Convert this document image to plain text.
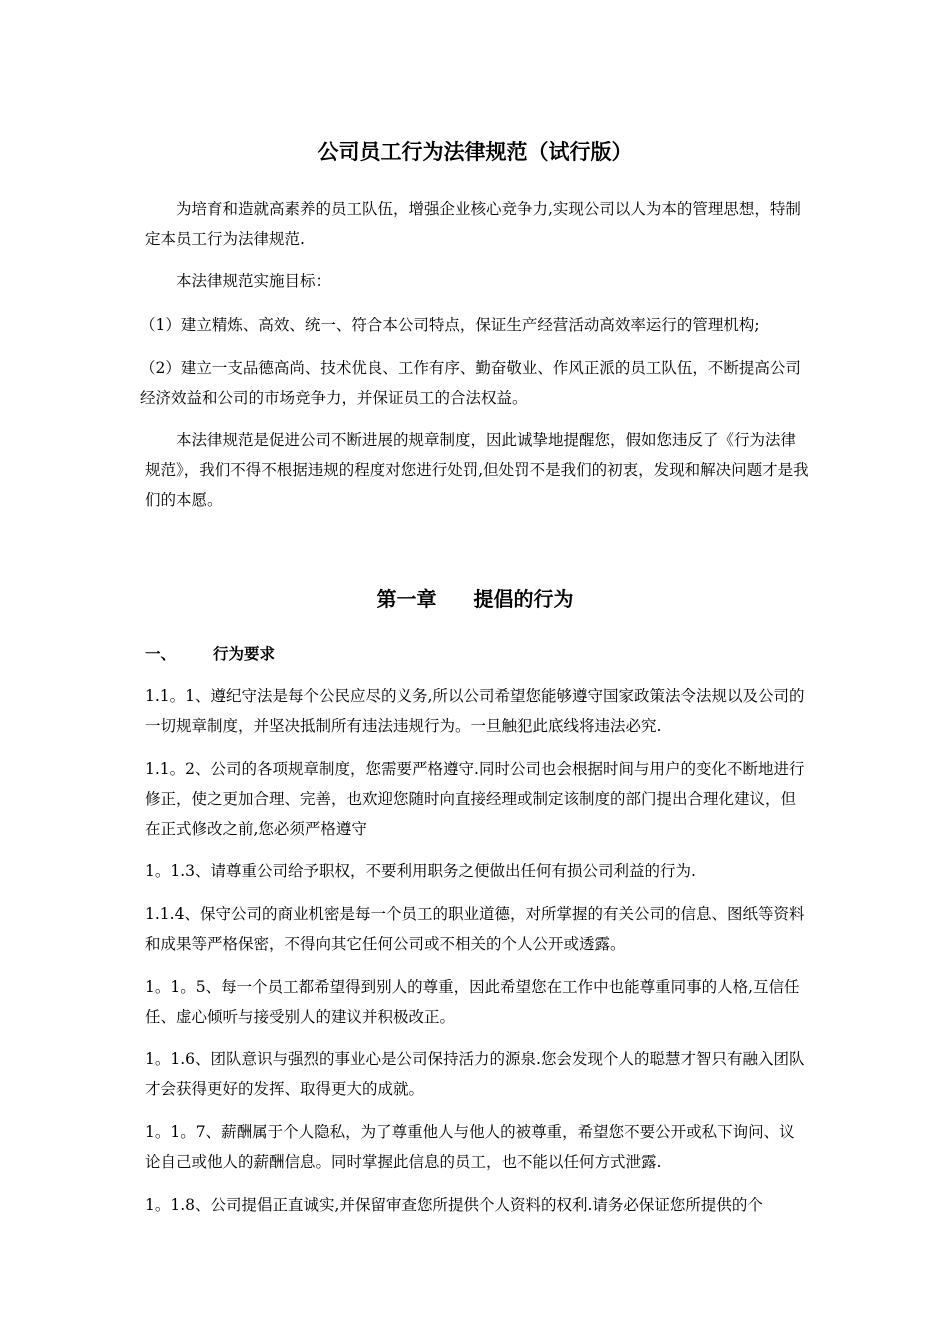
公司员工行为法律规范（试行版）

为培育和造就高素养的员工队伍，增强企业核心竞争力,实现公司以人为本的管理思想，特制定本员工行为法律规范.

本法律规范实施目标：

（1）建立精炼、高效、统一、符合本公司特点，保证生产经营活动高效率运行的管理机构;

（2）建立一支品德高尚、技术优良、工作有序、勤奋敬业、作风正派的员工队伍，不断提高公司经济效益和公司的市场竞争力，并保证员工的合法权益。

本法律规范是促进公司不断进展的规章制度，因此诚挚地提醒您，假如您违反了《行为法律规范》，我们不得不根据违规的程度对您进行处罚,但处罚不是我们的初衷，发现和解决问题才是我们的本愿。

第一章 提倡的行为
一、 行为要求

1.1。1、遵纪守法是每个公民应尽的义务,所以公司希望您能够遵守国家政策法令法规以及公司的一切规章制度，并坚决抵制所有违法违规行为。一旦触犯此底线将违法必究.

1.1。2、公司的各项规章制度，您需要严格遵守.同时公司也会根据时间与用户的变化不断地进行修正，使之更加合理、完善，也欢迎您随时向直接经理或制定该制度的部门提出合理化建议，但在正式修改之前,您必须严格遵守

1。1.3、请尊重公司给予职权，不要利用职务之便做出任何有损公司利益的行为.

1.1.4、保守公司的商业机密是每一个员工的职业道德，对所掌握的有关公司的信息、图纸等资料和成果等严格保密，不得向其它任何公司或不相关的个人公开或透露。

1。1。5、每一个员工都希望得到别人的尊重，因此希望您在工作中也能尊重同事的人格,互信任任、虚心倾听与接受别人的建议并积极改正。

1。1.6、团队意识与强烈的事业心是公司保持活力的源泉.您会发现个人的聪慧才智只有融入团队才会获得更好的发挥、取得更大的成就。

1。1。7、薪酬属于个人隐私，为了尊重他人与他人的被尊重，希望您不要公开或私下询问、议论自己或他人的薪酬信息。同时掌握此信息的员工，也不能以任何方式泄露.

1。1.8、公司提倡正直诚实,并保留审查您所提供个人资料的权利.请务必保证您所提供的个
